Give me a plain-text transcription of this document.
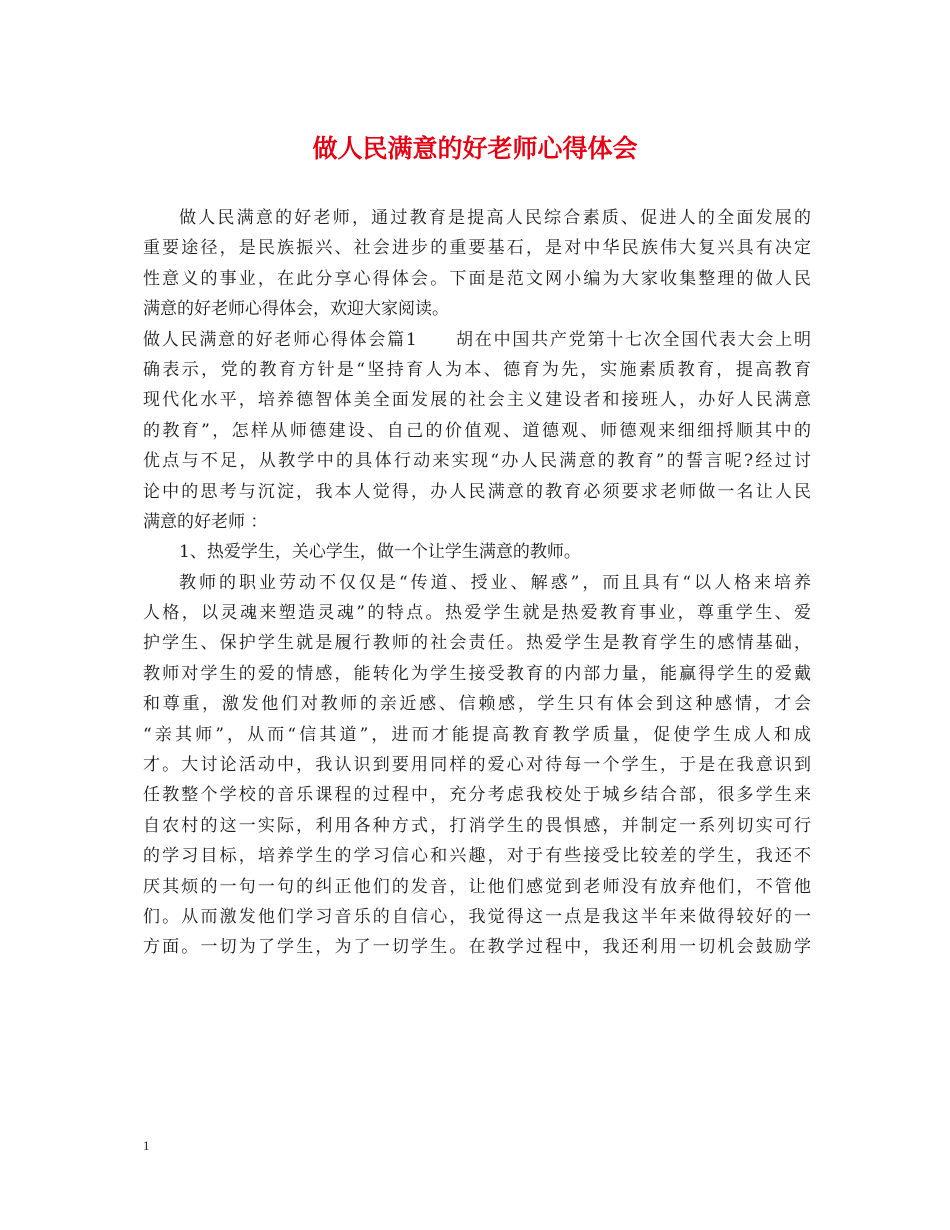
做人民满意的好老师心得体会
做人民满意的好老师，通过教育是提高人民综合素质、促进人的全面发展的
重要途径，是民族振兴、社会进步的重要基石，是对中华民族伟大复兴具有决定
性意义的事业，在此分享心得体会。下面是范文网小编为大家收集整理的做人民
满意的好老师心得体会，欢迎大家阅读。
做人民满意的好老师心得体会篇1　　胡在中国共产党第十七次全国代表大会上明
确表示，党的教育方针是“坚持育人为本、德育为先，实施素质教育，提高教育
现代化水平，培养德智体美全面发展的社会主义建设者和接班人，办好人民满意
的教育”，怎样从师德建设、自己的价值观、道德观、师德观来细细捋顺其中的
优点与不足，从教学中的具体行动来实现“办人民满意的教育”的誓言呢?经过讨
论中的思考与沉淀，我本人觉得，办人民满意的教育必须要求老师做一名让人民
满意的好老师 ：
1、热爱学生，关心学生，做一个让学生满意的教师。
教师的职业劳动不仅仅是“传道、授业、解惑”，而且具有“以人格来培养
人格，以灵魂来塑造灵魂”的特点。热爱学生就是热爱教育事业，尊重学生、爱
护学生、保护学生就是履行教师的社会责任。热爱学生是教育学生的感情基础，
教师对学生的爱的情感，能转化为学生接受教育的内部力量，能赢得学生的爱戴
和尊重，激发他们对教师的亲近感、信赖感，学生只有体会到这种感情，才会
“亲其师”，从而“信其道”，进而才能提高教育教学质量，促使学生成人和成
才。大讨论活动中，我认识到要用同样的爱心对待每一个学生，于是在我意识到
任教整个学校的音乐课程的过程中，充分考虑我校处于城乡结合部，很多学生来
自农村的这一实际，利用各种方式，打消学生的畏惧感，并制定一系列切实可行
的学习目标，培养学生的学习信心和兴趣，对于有些接受比较差的学生，我还不
厌其烦的一句一句的纠正他们的发音，让他们感觉到老师没有放弃他们，不管他
们。从而激发他们学习音乐的自信心，我觉得这一点是我这半年来做得较好的一
方面。一切为了学生，为了一切学生。在教学过程中，我还利用一切机会鼓励学
1
